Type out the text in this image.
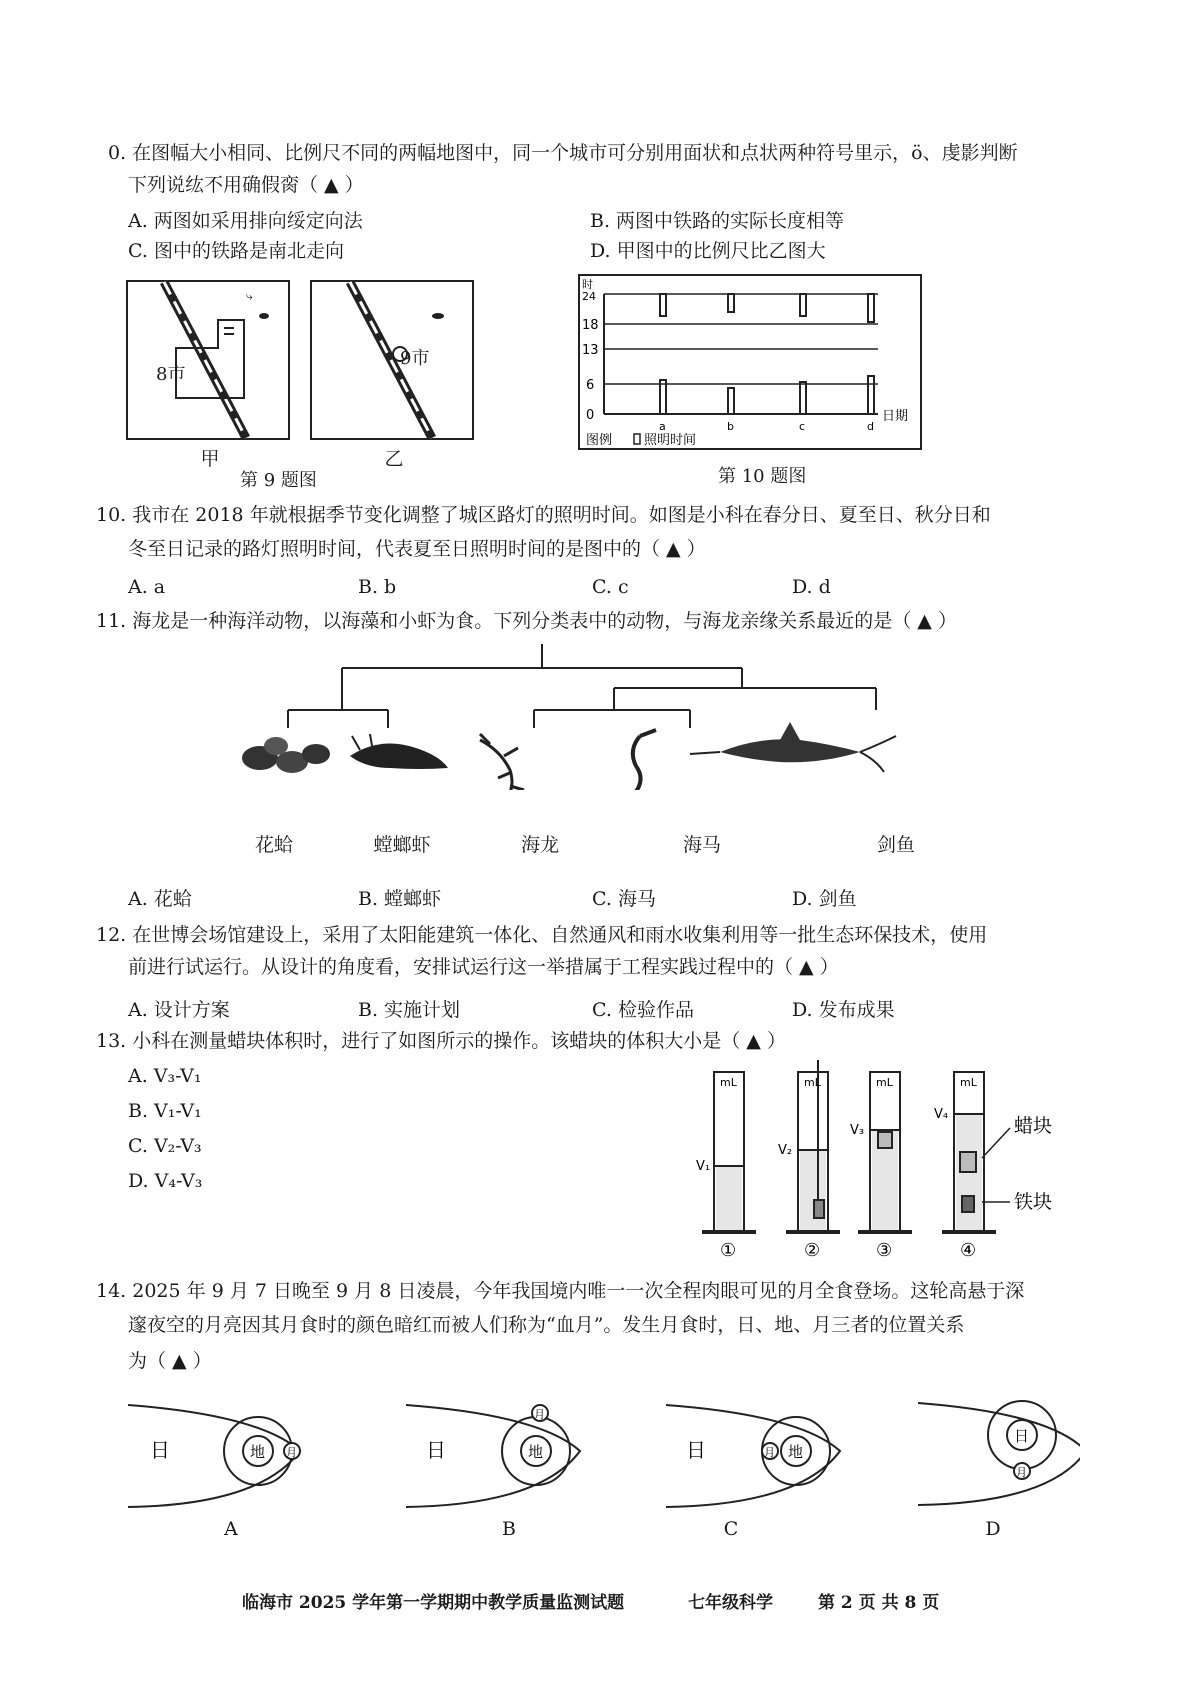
0. 在图幅大小相同、比例尺不同的两幅地图中，同一个城市可分别用面状和点状两种符号里示，ö、虔影判断
下列说纮不用确假脔（ ▲ ）
A. 两图如采用排向绥定向法	B. 两图中铁路的实际长度相等
C. 图中的铁路是南北走向	D. 甲图中的比例尺比乙图大
⤷
8市
甲
9市
乙
第 9 题图
时
24
18
13
6
0
a	b	c	d
日期
图例 照明时间
第 10 题图
10. 我市在 2018 年就根据季节变化调整了城区路灯的照明时间。如图是小科在春分日、夏至日、秋分日和
冬至日记录的路灯照明时间，代表夏至日照明时间的是图中的（ ▲ ）
A. a	B. b	C. c	D. d
11. 海龙是一种海洋动物，以海藻和小虾为食。下列分类表中的动物，与海龙亲缘关系最近的是（ ▲ ）
花蛤	螳螂虾	海龙	海马	剑鱼
A. 花蛤	B. 螳螂虾	C. 海马	D. 剑鱼
12. 在世博会场馆建设上，采用了太阳能建筑一体化、自然通风和雨水收集利用等一批生态环保技术，使用
前进行试运行。从设计的角度看，安排试运行这一举措属于工程实践过程中的（ ▲ ）
A. 设计方案	B. 实施计划	C. 检验作品	D. 发布成果
13. 小科在测量蜡块体积时，进行了如图所示的操作。该蜡块的体积大小是（ ▲ ）
A. V₃-V₁
B. V₁-V₁
C. V₂-V₃
D. V₄-V₃
mL	mL	mL	mL
V₁
V₂
V₃
V₄
蜡块
铁块
①	②	③	④
14. 2025 年 9 月 7 日晚至 9 月 8 日凌晨，今年我国境内唯一一次全程肉眼可见的月全食登场。这轮高悬于深
邃夜空的月亮因其月食时的颜色暗红而被人们称为“血月”。发生月食时，日、地、月三者的位置关系
为（ ▲ ）
日	地 月	日	地
月
日	地
月
日
月
A	B	C	D
临海市 2025 学年第一学期期中教学质量监测试题	七年级科学	第 2 页 共 8 页
